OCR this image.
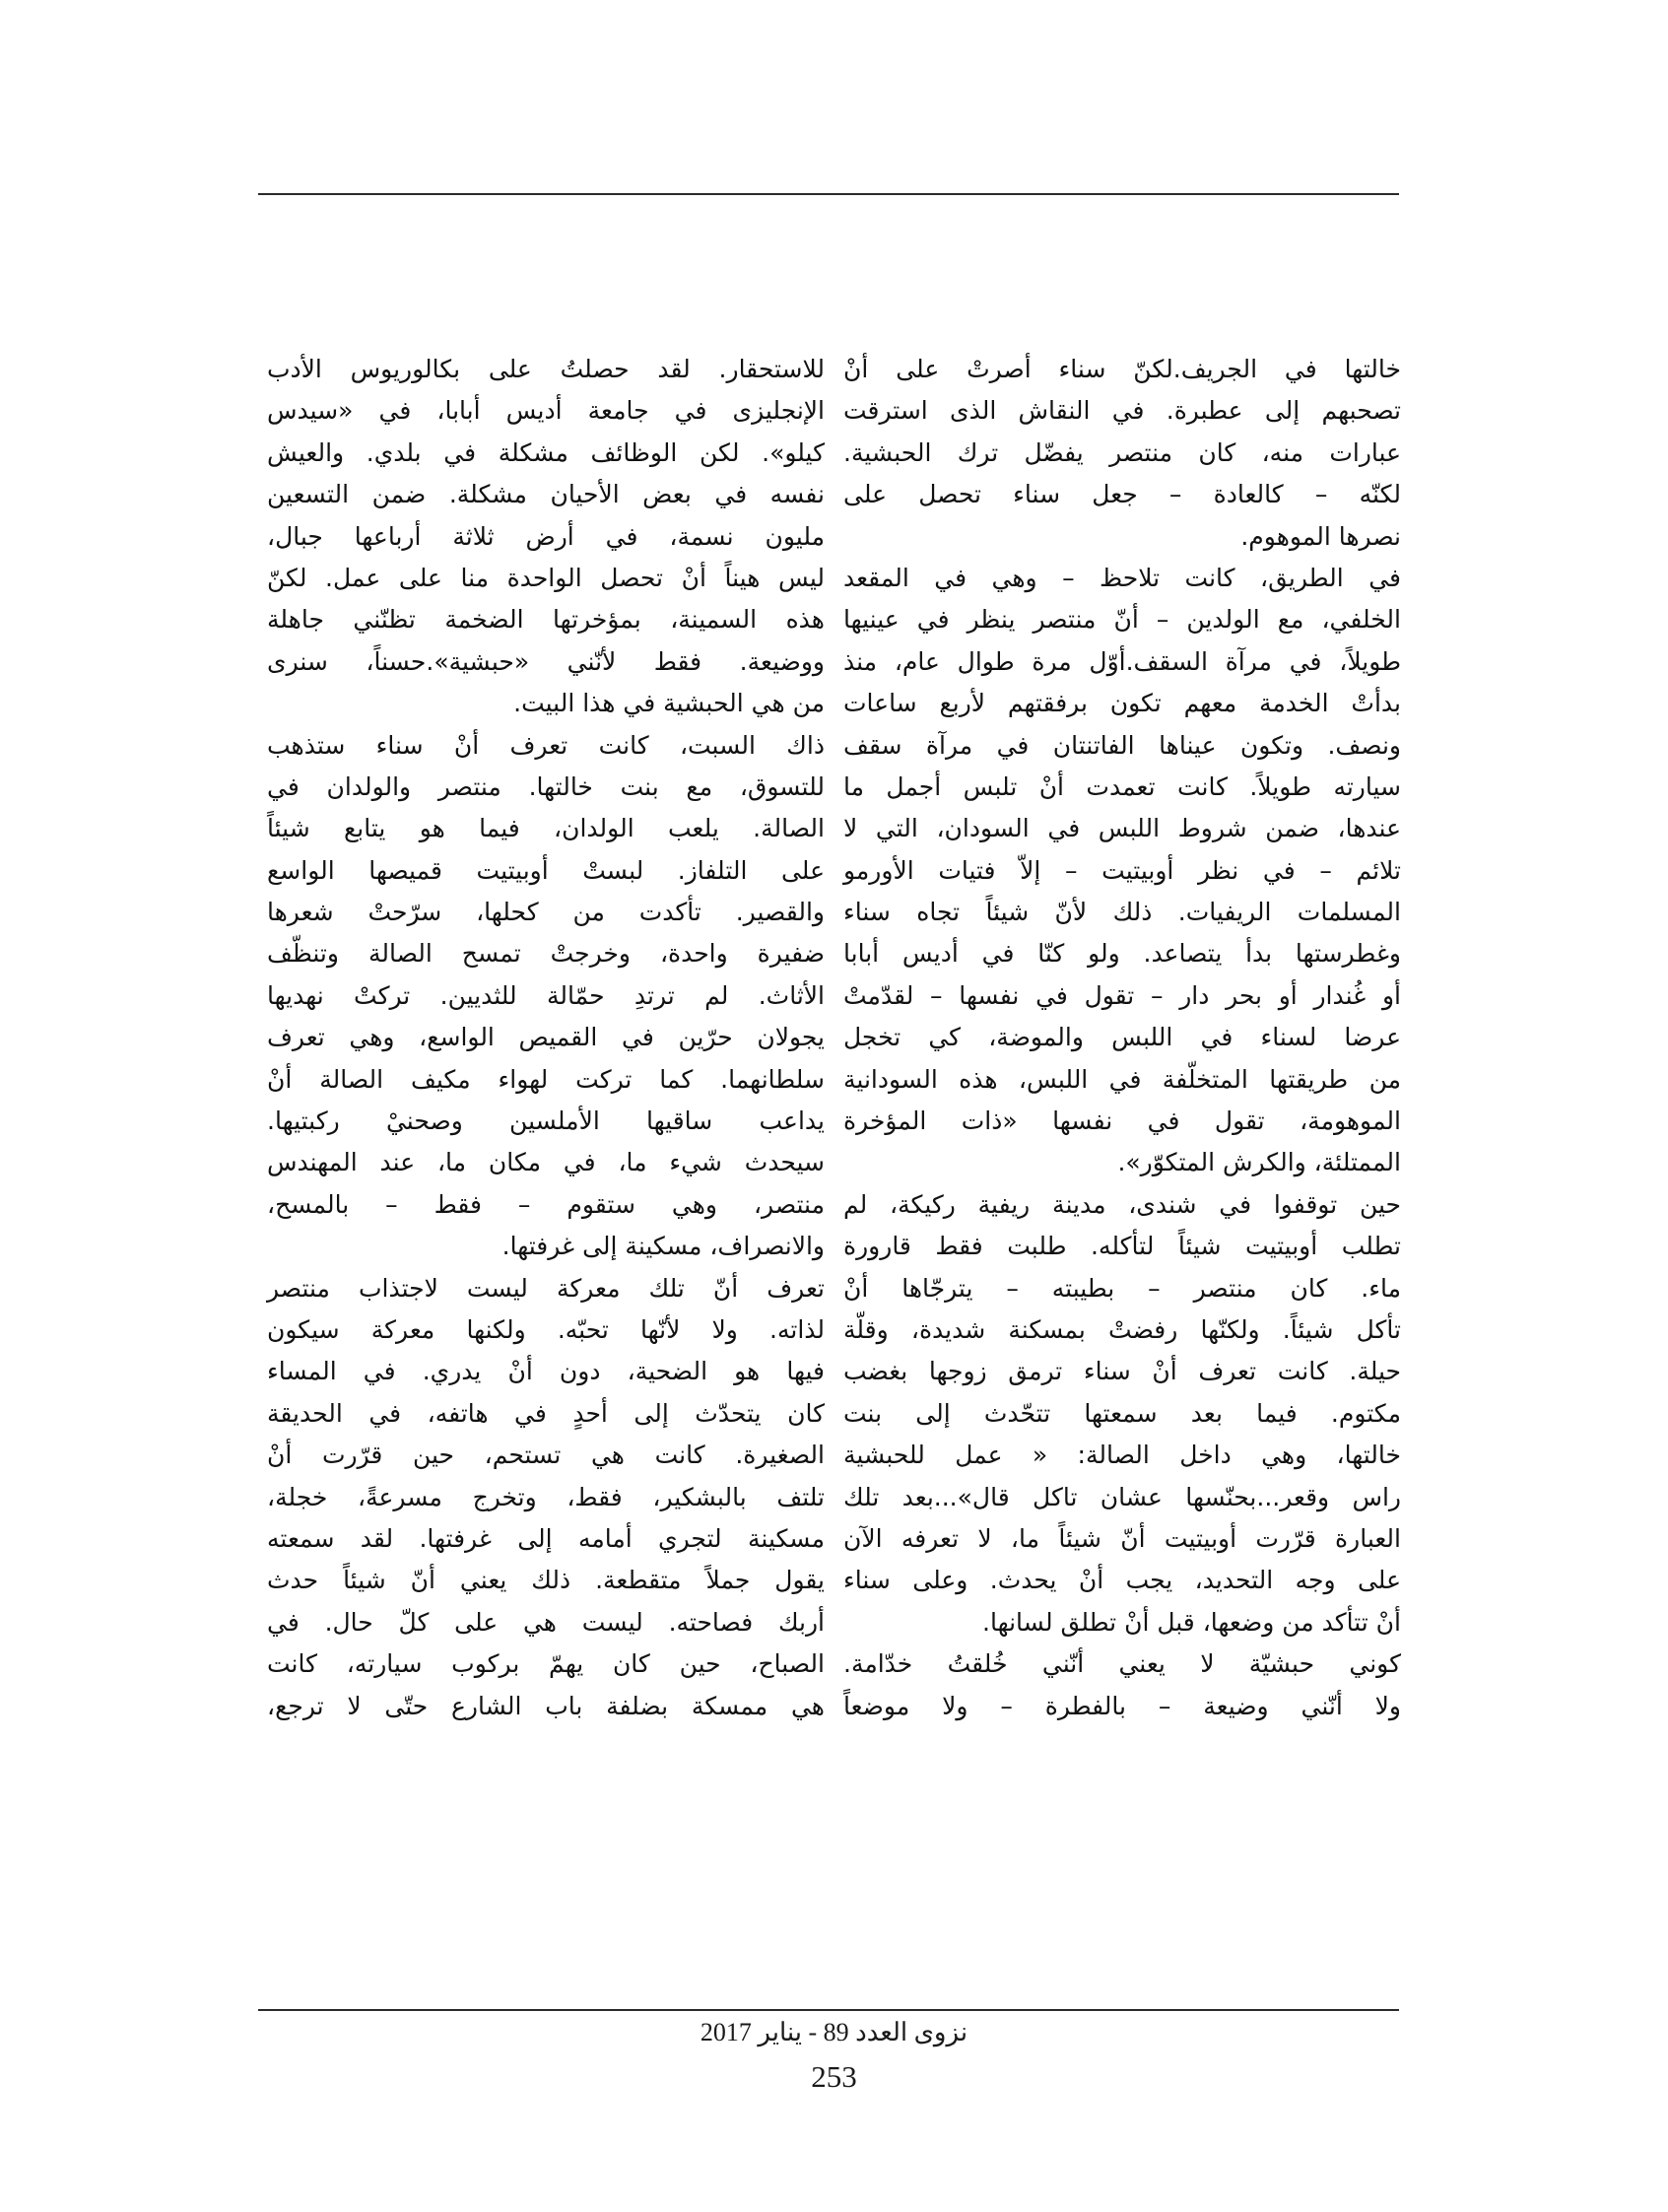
خالتها في الجريف.لكنّ سناء أصرتْ على أنْ
تصحبهم إلى عطبرة. في النقاش الذى استرقت
عبارات منه، كان منتصر يفضّل ترك الحبشية.
لكنّه – كالعادة – جعل سناء تحصل على
نصرها الموهوم.
في الطريق، كانت تلاحظ – وهي في المقعد
الخلفي، مع الولدين – أنّ منتصر ينظر في عينيها
طويلاً، في مرآة السقف.أوّل مرة طوال عام، منذ
بدأتْ الخدمة معهم تكون برفقتهم لأربع ساعات
ونصف. وتكون عيناها الفاتنتان في مرآة سقف
سيارته طويلاً. كانت تعمدت أنْ تلبس أجمل ما
عندها، ضمن شروط اللبس في السودان، التي لا
تلائم – في نظر أوبيتيت – إلاّ فتيات الأورمو
المسلمات الريفيات. ذلك لأنّ شيئاً تجاه سناء
وغطرستها بدأ يتصاعد. ولو كنّا في أديس أبابا
أو غُندار أو بحر دار – تقول في نفسها – لقدّمتْ
عرضا لسناء في اللبس والموضة، كي تخجل
من طريقتها المتخلّفة في اللبس، هذه السودانية
الموهومة، تقول في نفسها «ذات المؤخرة
الممتلئة، والكرش المتكوّر».
حين توقفوا في شندى، مدينة ريفية ركيكة، لم
تطلب أوبيتيت شيئاً لتأكله. طلبت فقط قارورة
ماء. كان منتصر – بطيبته – يترجّاها أنْ
تأكل شيئاً. ولكنّها رفضتْ بمسكنة شديدة، وقلّة
حيلة. كانت تعرف أنْ سناء ترمق زوجها بغضب
مكتوم. فيما بعد سمعتها تتحّدث إلى بنت
خالتها، وهي داخل الصالة: « عمل للحبشية
راس وقعر...بحنّسها عشان تاكل قال»...بعد تلك
العبارة قرّرت أوبيتيت أنّ شيئاً ما، لا تعرفه الآن
على وجه التحديد، يجب أنْ يحدث. وعلى سناء
أنْ تتأكد من وضعها، قبل أنْ تطلق لسانها.
كوني حبشيّة لا يعني أنّني خُلقتُ خدّامة.
ولا أنّني وضيعة – بالفطرة – ولا موضعاً
للاستحقار. لقد حصلتُ على بكالوريوس الأدب
الإنجليزى في جامعة أديس أبابا، في «سيدس
كيلو». لكن الوظائف مشكلة في بلدي. والعيش
نفسه في بعض الأحيان مشكلة. ضمن التسعين
مليون نسمة، في أرض ثلاثة أرباعها جبال،
ليس هيناً أنْ تحصل الواحدة منا على عمل. لكنّ
هذه السمينة، بمؤخرتها الضخمة تظنّني جاهلة
ووضيعة. فقط لأنّني «حبشية».حسناً، سنرى
من هي الحبشية في هذا البيت.
ذاك السبت، كانت تعرف أنْ سناء ستذهب
للتسوق، مع بنت خالتها. منتصر والولدان في
الصالة. يلعب الولدان، فيما هو يتابع شيئاً
على التلفاز. لبستْ أوبيتيت قميصها الواسع
والقصير. تأكدت من كحلها، سرّحتْ شعرها
ضفيرة واحدة، وخرجتْ تمسح الصالة وتنظّف
الأثاث. لم ترتدِ حمّالة للثديين. تركتْ نهديها
يجولان حرّين في القميص الواسع، وهي تعرف
سلطانهما. كما تركت لهواء مكيف الصالة أنْ
يداعب ساقيها الأملسين وصحنيْ ركبتيها.
سيحدث شيء ما، في مكان ما، عند المهندس
منتصر، وهي ستقوم – فقط – بالمسح،
والانصراف، مسكينة إلى غرفتها.
تعرف أنّ تلك معركة ليست لاجتذاب منتصر
لذاته. ولا لأنّها تحبّه. ولكنها معركة سيكون
فيها هو الضحية، دون أنْ يدري. في المساء
كان يتحدّث إلى أحدٍ في هاتفه، في الحديقة
الصغيرة. كانت هي تستحم، حين قرّرت أنْ
تلتف بالبشكير، فقط، وتخرج مسرعةً، خجلة،
مسكينة لتجري أمامه إلى غرفتها. لقد سمعته
يقول جملاً متقطعة. ذلك يعني أنّ شيئاً حدث
أربك فصاحته. ليست هي على كلّ حال. في
الصباح، حين كان يهمّ بركوب سيارته، كانت
هي ممسكة بضلفة باب الشارع حتّى لا ترجع،
نزوى العدد 89 - يناير 2017
253
